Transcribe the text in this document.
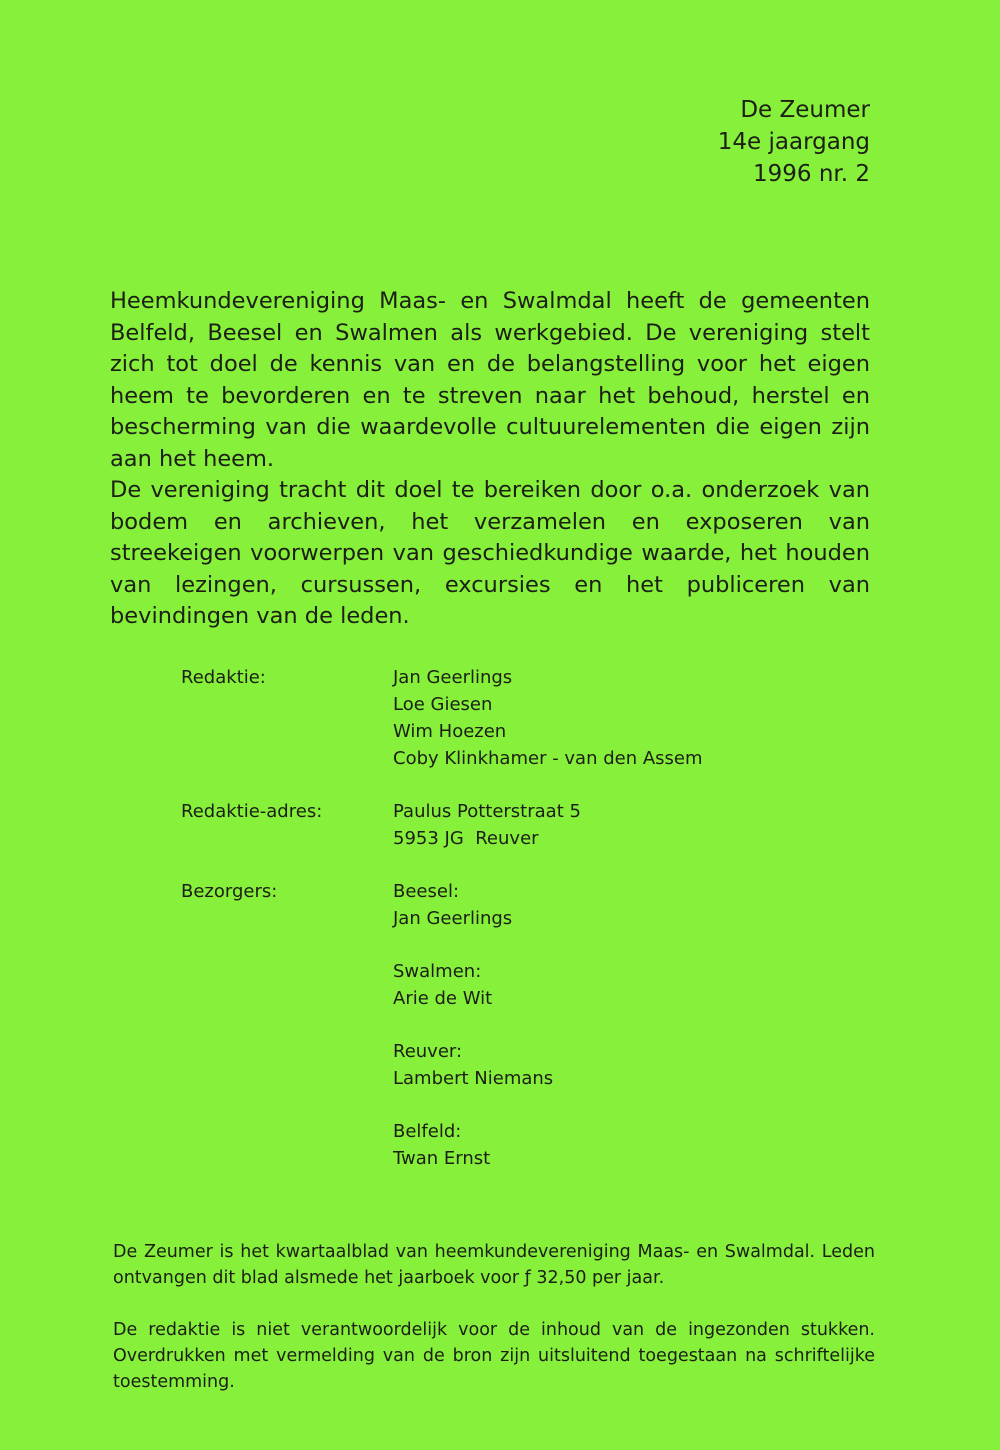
De Zeumer
14e jaargang
1996 nr. 2

Heemkundevereniging Maas- en Swalmdal heeft de gemeenten Belfeld, Beesel en Swalmen als werkgebied. De vereniging stelt zich tot doel de kennis van en de belangstelling voor het eigen heem te bevorderen en te streven naar het behoud, herstel en bescherming van die waardevolle cultuurelementen die eigen zijn aan het heem.

De vereniging tracht dit doel te bereiken door o.a. onderzoek van bodem en archieven, het verzamelen en exposeren van streekeigen voorwerpen van geschiedkundige waarde, het houden van lezingen, cursussen, excursies en het publiceren van bevindingen van de leden.

Redaktie:	Jan Geerlings
Loe Giesen
Wim Hoezen
Coby Klinkhamer - van den Assem
Redaktie-adres:	Paulus Potterstraat 5
5953 JG  Reuver
Bezorgers:	Beesel:
Jan Geerlings
Swalmen:
Arie de Wit
Reuver:
Lambert Niemans
Belfeld:
Twan Ernst

De Zeumer is het kwartaalblad van heemkundevereniging Maas- en Swalmdal. Leden ontvangen dit blad alsmede het jaarboek voor ƒ 32,50 per jaar.

De redaktie is niet verantwoordelijk voor de inhoud van de ingezonden stukken. Overdrukken met vermelding van de bron zijn uitsluitend toegestaan na schriftelijke toestemming.
